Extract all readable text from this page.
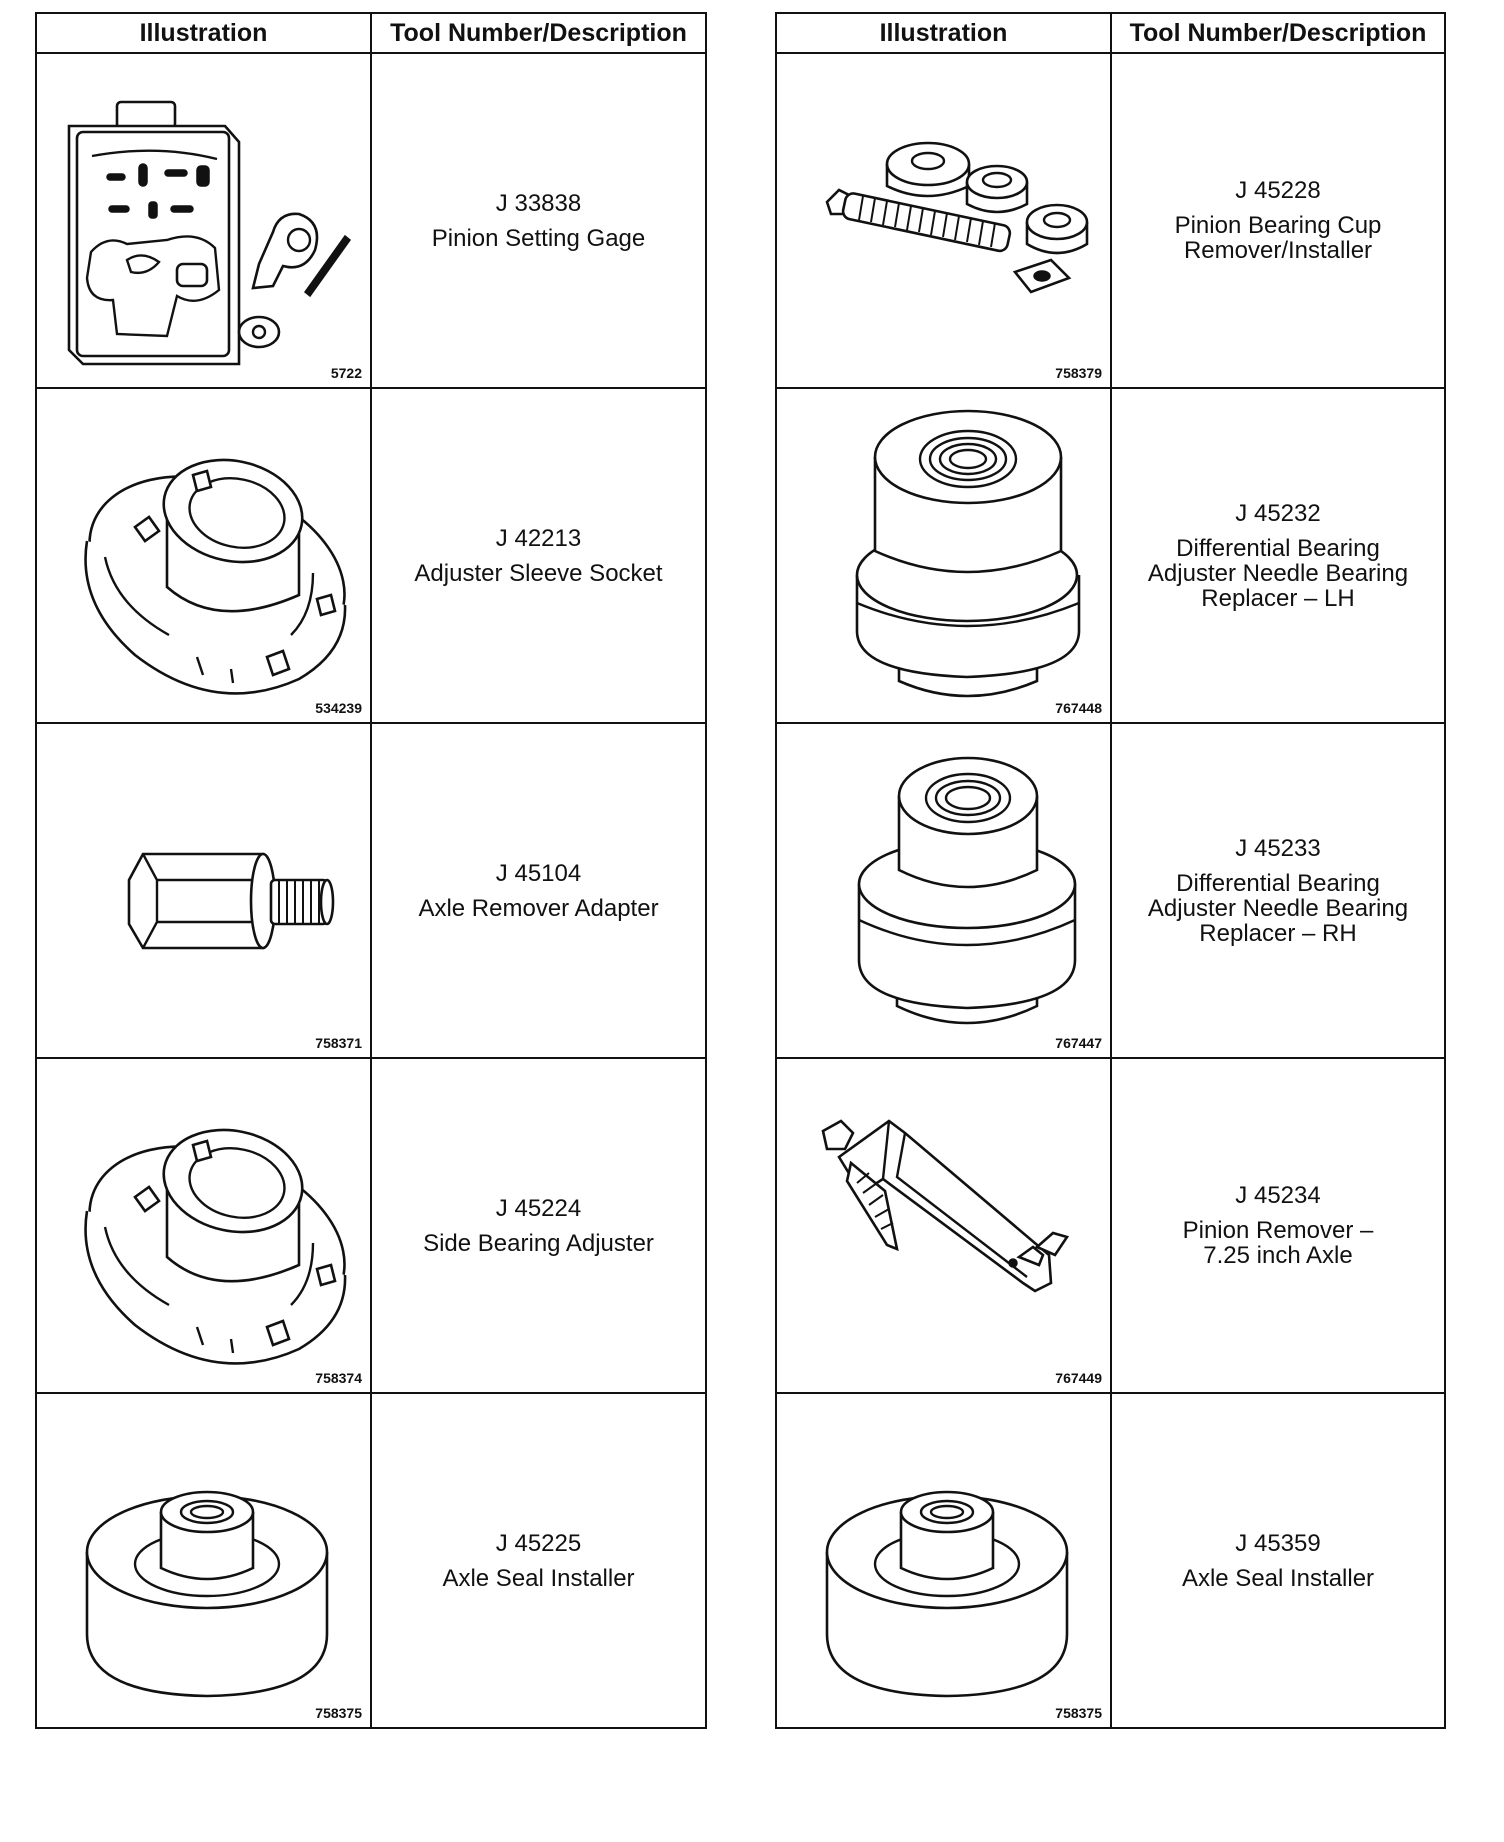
Illustration	Tool Number/Description

5722	J 33838
Pinion Setting Gage

534239	J 42213
Adjuster Sleeve Socket

758371	J 45104
Axle Remover Adapter

758374	J 45224
Side Bearing Adjuster

758375	J 45225
Axle Seal Installer
Illustration	Tool Number/Description

758379	J 45228
Pinion Bearing Cup
Remover/Installer

767448	J 45232
Differential Bearing
Adjuster Needle Bearing
Replacer – LH

767447	J 45233
Differential Bearing
Adjuster Needle Bearing
Replacer – RH

767449	J 45234
Pinion Remover –
7.25 inch Axle

758375	J 45359
Axle Seal Installer
